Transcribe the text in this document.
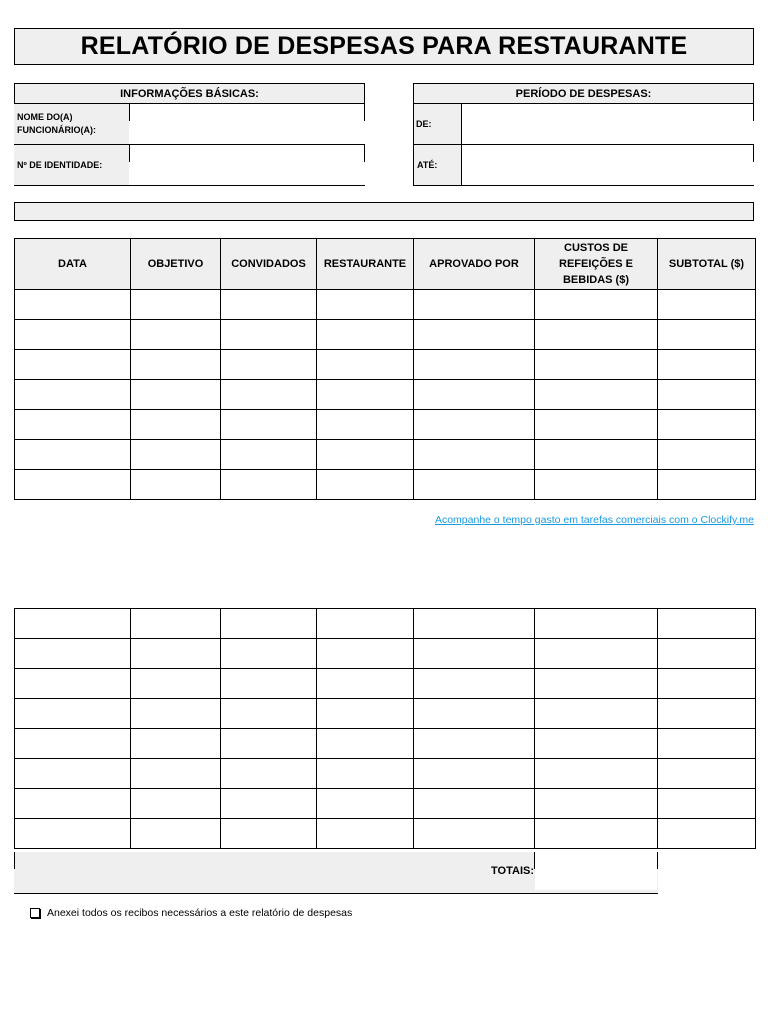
RELATÓRIO DE DESPESAS PARA RESTAURANTE
INFORMAÇÕES BÁSICAS:
NOME DO(A) FUNCIONÁRIO(A):
Nº DE IDENTIDADE:
PERÍODO DE DESPESAS:
DE:
ATÉ:
DATA	OBJETIVO	CONVIDADOS	RESTAURANTE	APROVADO POR	CUSTOS DE REFEIÇÕES E BEBIDAS ($)	SUBTOTAL ($)

Acompanhe o tempo gasto em tarefas comerciais com o Clockify.me

TOTAIS:
Anexei todos os recibos necessários a este relatório de despesas
